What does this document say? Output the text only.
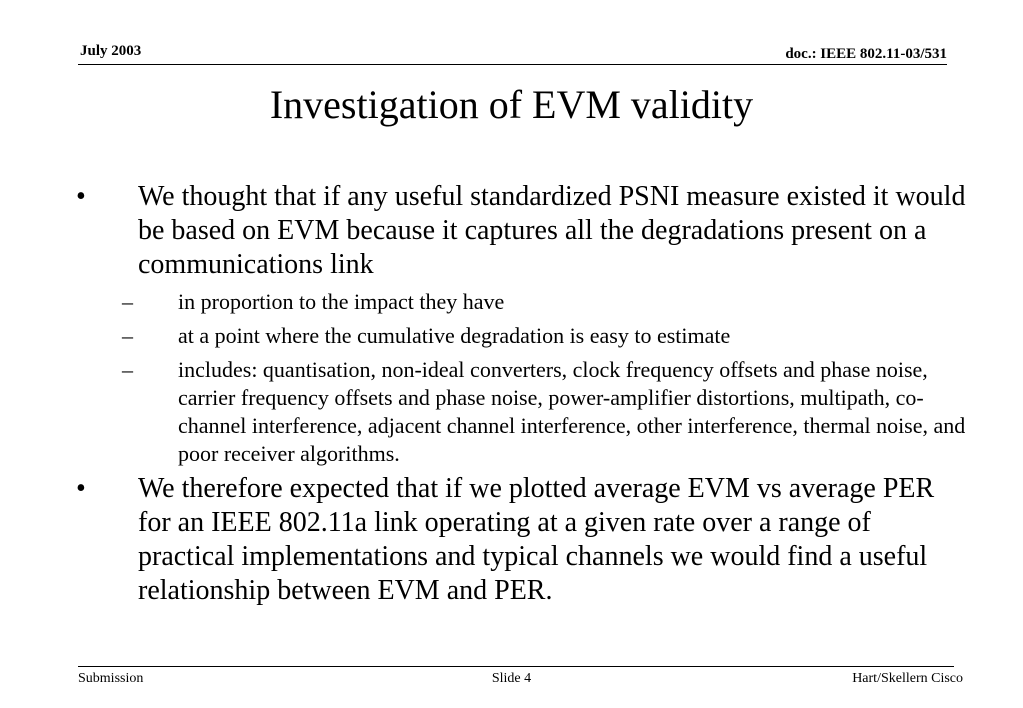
July 2003	doc.: IEEE 802.11-03/531
Investigation of EVM validity
• We thought that if any useful standardized PSNI measure existed it would be based on EVM because it captures all the degradations present on a communications link
– in proportion to the impact they have
– at a point where the cumulative degradation is easy to estimate
– includes: quantisation, non-ideal converters, clock frequency offsets and phase noise, carrier frequency offsets and phase noise, power-amplifier distortions, multipath, co-channel interference, adjacent channel interference, other interference, thermal noise, and poor receiver algorithms.
• We therefore expected that if we plotted average EVM vs average PER for an IEEE 802.11a link operating at a given rate over a range of practical implementations and typical channels we would find a useful relationship between EVM and PER.
Submission	Slide 4	Hart/Skellern Cisco
